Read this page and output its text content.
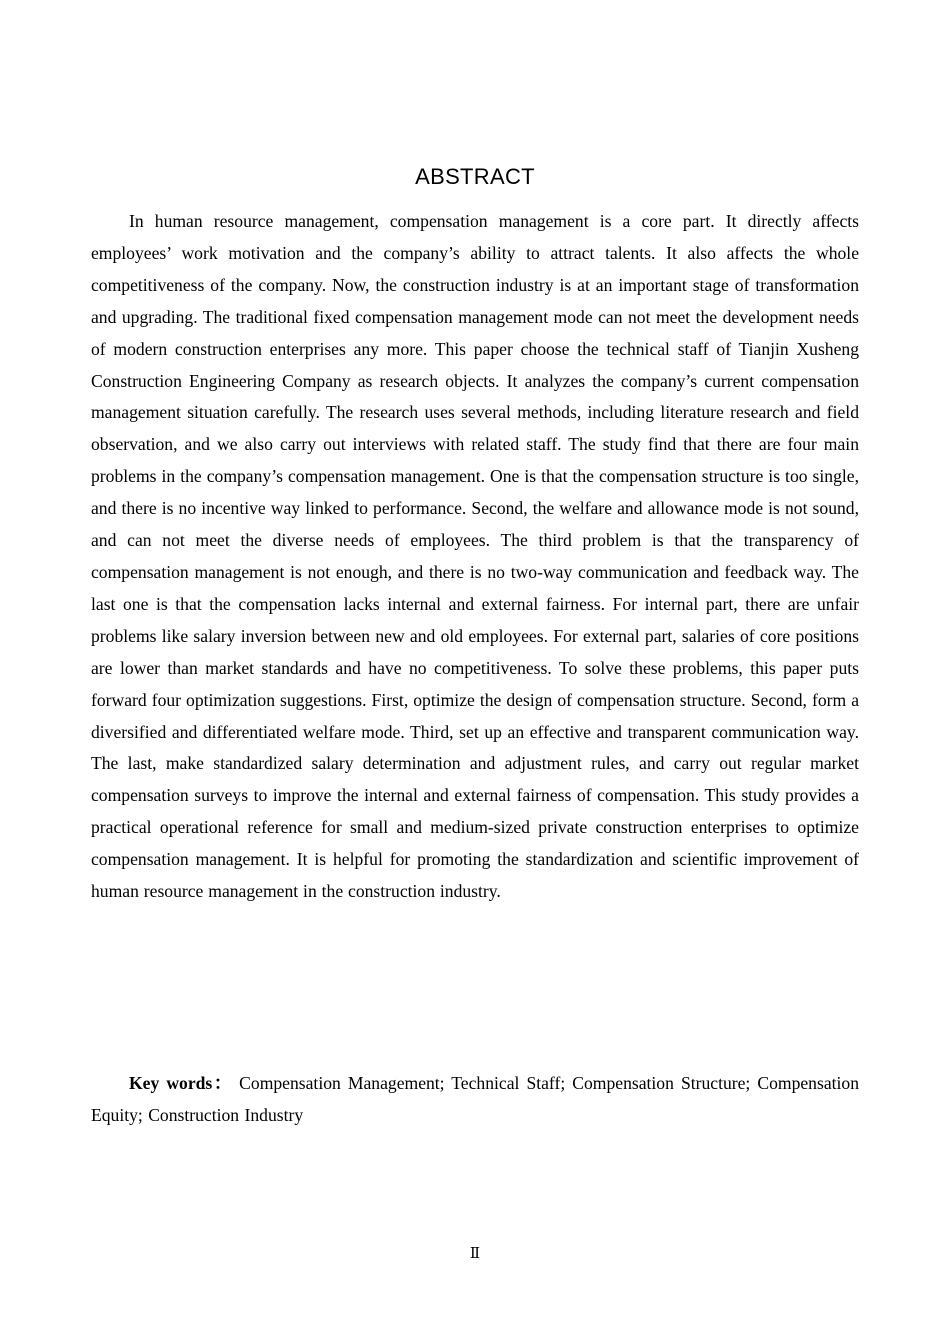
ABSTRACT

In human resource management, compensation management is a core part. It directly affects employees’ work motivation and the company’s ability to attract talents. It also affects the whole competitiveness of the company. Now, the construction industry is at an important stage of transformation and upgrading. The traditional fixed compensation management mode can not meet the development needs of modern construction enterprises any more. This paper choose the technical staff of Tianjin Xusheng Construction Engineering Company as research objects. It analyzes the company’s current compensation management situation carefully. The research uses several methods, including literature research and field observation, and we also carry out interviews with related staff. The study find that there are four main problems in the company’s compensation management. One is that the compensation structure is too single, and there is no incentive way linked to performance. Second, the welfare and allowance mode is not sound, and can not meet the diverse needs of employees. The third problem is that the transparency of compensation management is not enough, and there is no two-way communication and feedback way. The last one is that the compensation lacks internal and external fairness. For internal part, there are unfair problems like salary inversion between new and old employees. For external part, salaries of core positions are lower than market standards and have no competitiveness. To solve these problems, this paper puts forward four optimization suggestions. First, optimize the design of compensation structure. Second, form a diversified and differentiated welfare mode. Third, set up an effective and transparent communication way. The last, make standardized salary determination and adjustment rules, and carry out regular market compensation surveys to improve the internal and external fairness of compensation. This study provides a practical operational reference for small and medium-sized private construction enterprises to optimize compensation management. It is helpful for promoting the standardization and scientific improvement of human resource management in the construction industry.

Key words： Compensation Management; Technical Staff; Compensation Structure; Compensation Equity; Construction Industry

Ⅱ
